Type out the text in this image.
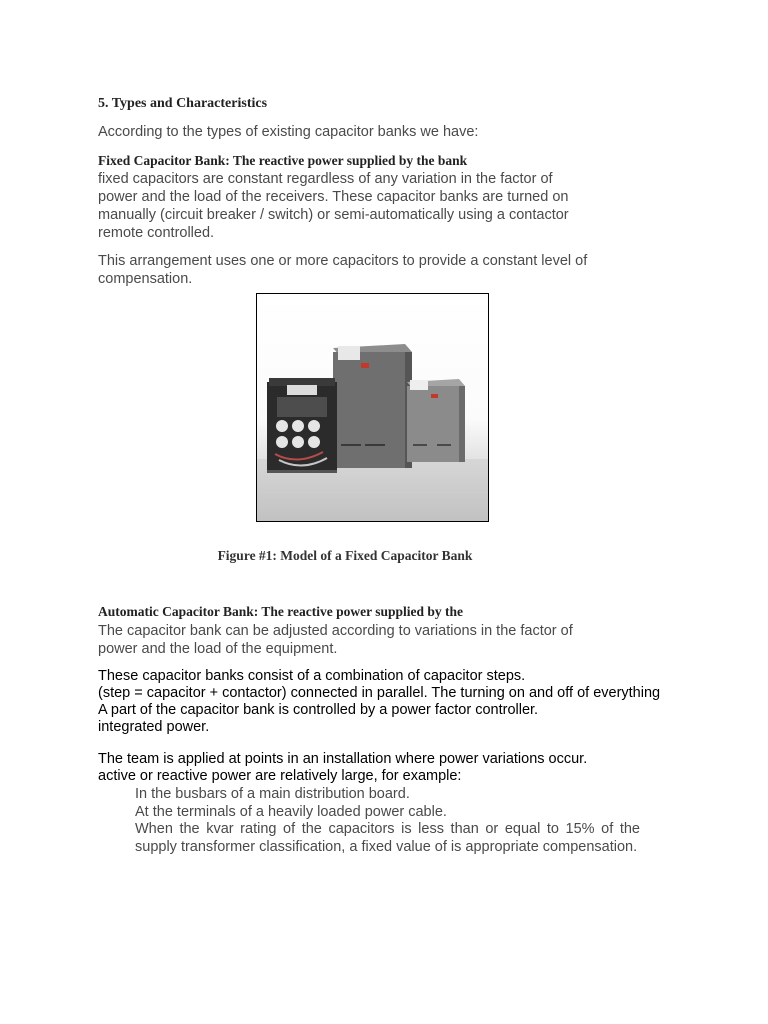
5. Types and Characteristics
According to the types of existing capacitor banks we have:
Fixed Capacitor Bank: The reactive power supplied by the bank
fixed capacitors are constant regardless of any variation in the factor of
power and the load of the receivers. These capacitor banks are turned on
manually (circuit breaker / switch) or semi-automatically using a contactor
remote controlled.
This arrangement uses one or more capacitors to provide a constant level of
compensation.
Figure #1: Model of a Fixed Capacitor Bank
Automatic Capacitor Bank: The reactive power supplied by the
The capacitor bank can be adjusted according to variations in the factor of
power and the load of the equipment.
These capacitor banks consist of a combination of capacitor steps.
(step = capacitor + contactor) connected in parallel. The turning on and off of everything
A part of the capacitor bank is controlled by a power factor controller.
integrated power.
The team is applied at points in an installation where power variations occur.
active or reactive power are relatively large, for example:
In the busbars of a main distribution board.
At the terminals of a heavily loaded power cable.
When the kvar rating of the capacitors is less than or equal to 15% of the supply transformer classification, a fixed value of is appropriate compensation.
